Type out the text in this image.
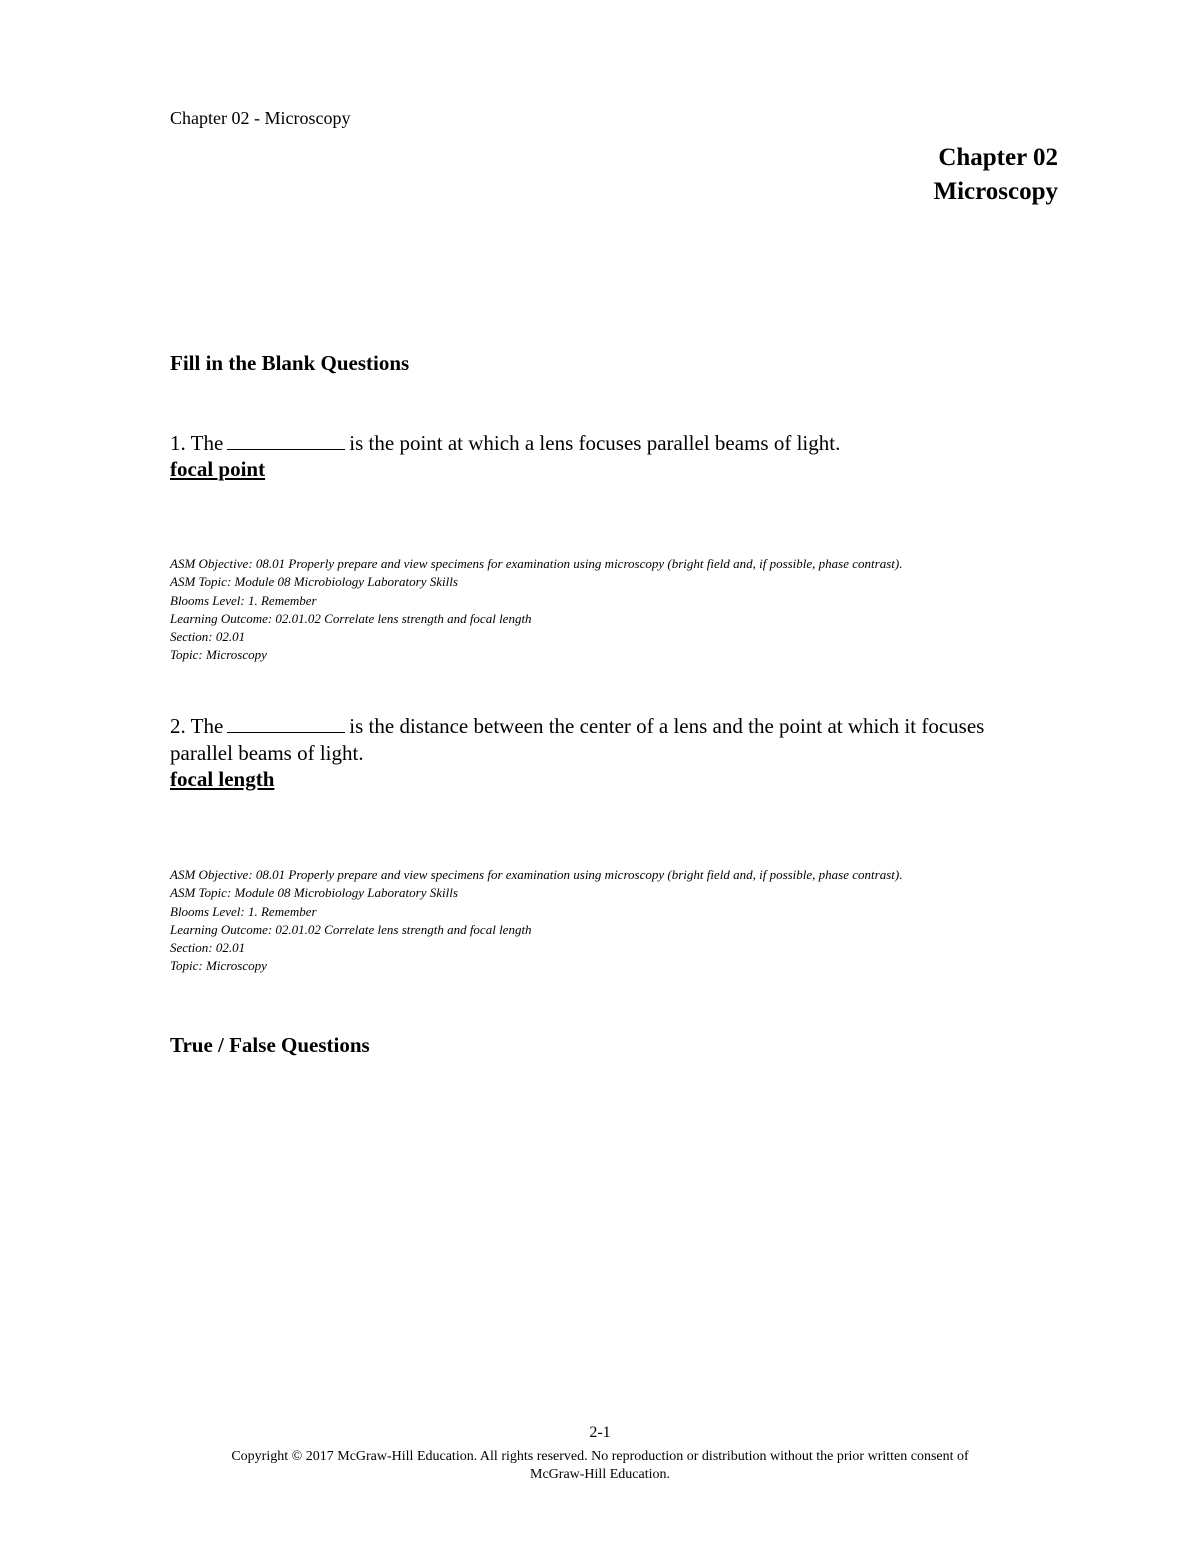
Chapter 02 - Microscopy
Chapter 02
Microscopy
Fill in the Blank Questions
1. The	is the point at which a lens focuses parallel beams of light.
focal point
ASM Objective: 08.01 Properly prepare and view specimens for examination using microscopy (bright field and, if possible, phase contrast).
ASM Topic: Module 08 Microbiology Laboratory Skills
Blooms Level: 1. Remember
Learning Outcome: 02.01.02 Correlate lens strength and focal length
Section: 02.01
Topic: Microscopy
2. The	is the distance between the center of a lens and the point at which it focuses parallel beams of light.
focal length
ASM Objective: 08.01 Properly prepare and view specimens for examination using microscopy (bright field and, if possible, phase contrast).
ASM Topic: Module 08 Microbiology Laboratory Skills
Blooms Level: 1. Remember
Learning Outcome: 02.01.02 Correlate lens strength and focal length
Section: 02.01
Topic: Microscopy
True / False Questions
2-1
Copyright © 2017 McGraw-Hill Education. All rights reserved. No reproduction or distribution without the prior written consent of
McGraw-Hill Education.
